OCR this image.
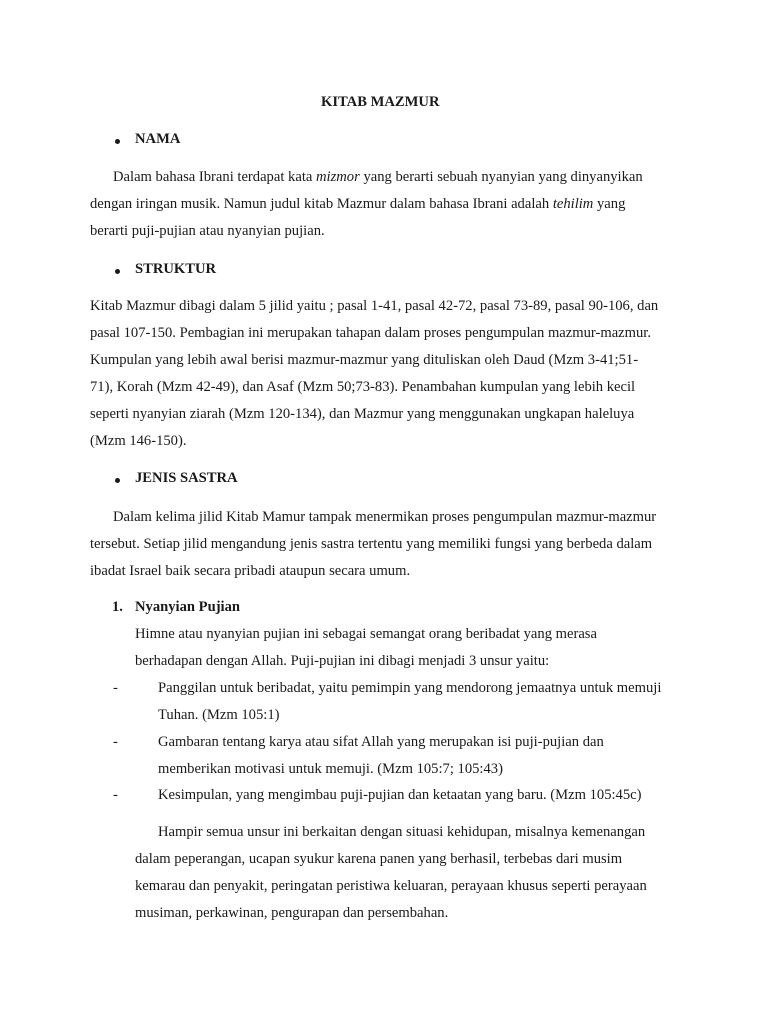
KITAB MAZMUR
NAMA
Dalam bahasa Ibrani terdapat kata mizmor yang berarti sebuah nyanyian yang dinyanyikan
dengan iringan musik. Namun judul kitab Mazmur dalam bahasa Ibrani adalah tehilim yang
berarti puji-pujian atau nyanyian pujian.
STRUKTUR
Kitab Mazmur dibagi dalam 5 jilid yaitu ; pasal 1-41, pasal 42-72, pasal 73-89, pasal 90-106, dan
pasal 107-150. Pembagian ini merupakan tahapan dalam proses pengumpulan mazmur-mazmur.
Kumpulan yang lebih awal berisi mazmur-mazmur yang dituliskan oleh Daud (Mzm 3-41;51-
71), Korah (Mzm 42-49), dan Asaf (Mzm 50;73-83). Penambahan kumpulan yang lebih kecil
seperti nyanyian ziarah (Mzm 120-134), dan Mazmur yang menggunakan ungkapan haleluya
(Mzm 146-150).
JENIS SASTRA
Dalam kelima jilid Kitab Mamur tampak menermikan proses pengumpulan mazmur-mazmur
tersebut. Setiap jilid mengandung jenis sastra tertentu yang memiliki fungsi yang berbeda dalam
ibadat Israel baik secara pribadi ataupun secara umum.
1. Nyanyian Pujian
Himne atau nyanyian pujian ini sebagai semangat orang beribadat yang merasa
berhadapan dengan Allah. Puji-pujian ini dibagi menjadi 3 unsur yaitu:
-	Panggilan untuk beribadat, yaitu pemimpin yang mendorong jemaatnya untuk memuji
Tuhan. (Mzm 105:1)
-	Gambaran tentang karya atau sifat Allah yang merupakan isi puji-pujian dan
memberikan motivasi untuk memuji. (Mzm 105:7; 105:43)
-	Kesimpulan, yang mengimbau puji-pujian dan ketaatan yang baru. (Mzm 105:45c)
Hampir semua unsur ini berkaitan dengan situasi kehidupan, misalnya kemenangan
dalam peperangan, ucapan syukur karena panen yang berhasil, terbebas dari musim
kemarau dan penyakit, peringatan peristiwa keluaran, perayaan khusus seperti perayaan
musiman, perkawinan, pengurapan dan persembahan.
